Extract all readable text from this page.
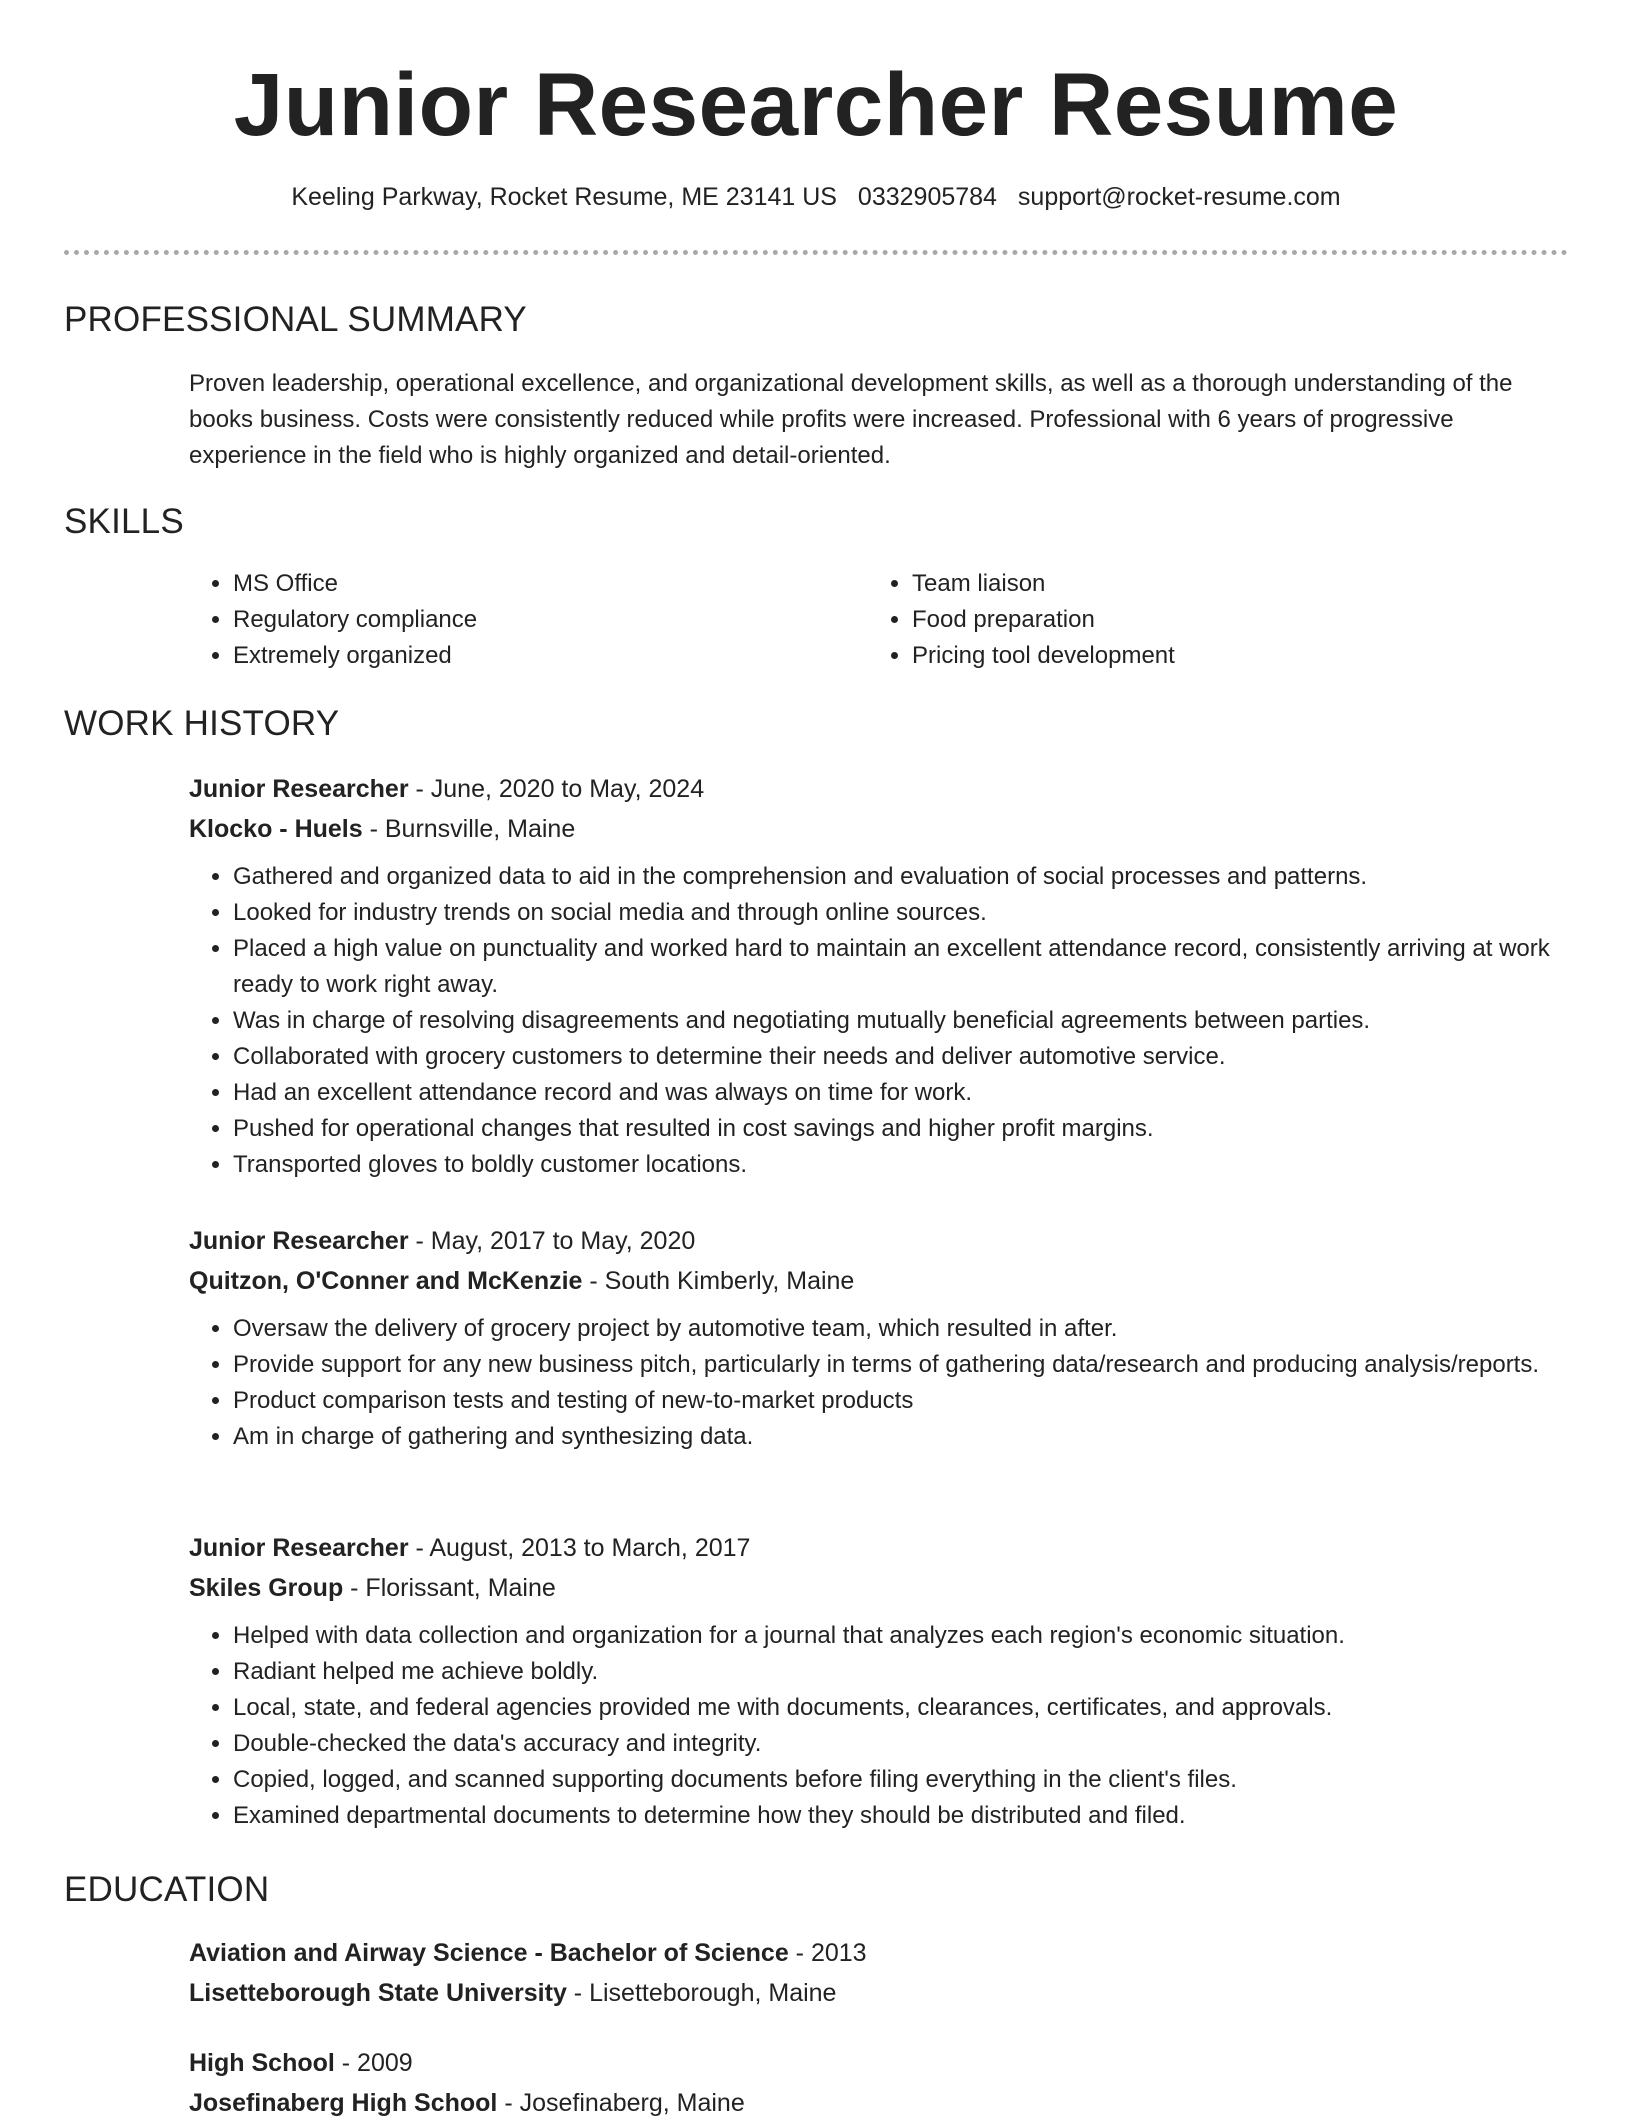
Junior Researcher Resume
Keeling Parkway, Rocket Resume, ME 23141 US 0332905784 support@rocket-resume.com
PROFESSIONAL SUMMARY

Proven leadership, operational excellence, and organizational development skills, as well as a thorough understanding of the books business. Costs were consistently reduced while profits were increased. Professional with 6 years of progressive experience in the field who is highly organized and detail-oriented.

SKILLS
• MS Office
• Regulatory compliance
• Extremely organized
• Team liaison
• Food preparation
• Pricing tool development
WORK HISTORY

Junior Researcher - June, 2020 to May, 2024

Klocko - Huels - Burnsville, Maine

• Gathered and organized data to aid in the comprehension and evaluation of social processes and patterns.
• Looked for industry trends on social media and through online sources.
• Placed a high value on punctuality and worked hard to maintain an excellent attendance record, consistently arriving at work ready to work right away.
• Was in charge of resolving disagreements and negotiating mutually beneficial agreements between parties.
• Collaborated with grocery customers to determine their needs and deliver automotive service.
• Had an excellent attendance record and was always on time for work.
• Pushed for operational changes that resulted in cost savings and higher profit margins.
• Transported gloves to boldly customer locations.

Junior Researcher - May, 2017 to May, 2020

Quitzon, O'Conner and McKenzie - South Kimberly, Maine

• Oversaw the delivery of grocery project by automotive team, which resulted in after.
• Provide support for any new business pitch, particularly in terms of gathering data/research and producing analysis/reports.
• Product comparison tests and testing of new-to-market products
• Am in charge of gathering and synthesizing data.

Junior Researcher - August, 2013 to March, 2017

Skiles Group - Florissant, Maine

• Helped with data collection and organization for a journal that analyzes each region's economic situation.
• Radiant helped me achieve boldly.
• Local, state, and federal agencies provided me with documents, clearances, certificates, and approvals.
• Double-checked the data's accuracy and integrity.
• Copied, logged, and scanned supporting documents before filing everything in the client's files.
• Examined departmental documents to determine how they should be distributed and filed.
EDUCATION

Aviation and Airway Science - Bachelor of Science - 2013

Lisetteborough State University - Lisetteborough, Maine

High School - 2009

Josefinaberg High School - Josefinaberg, Maine
